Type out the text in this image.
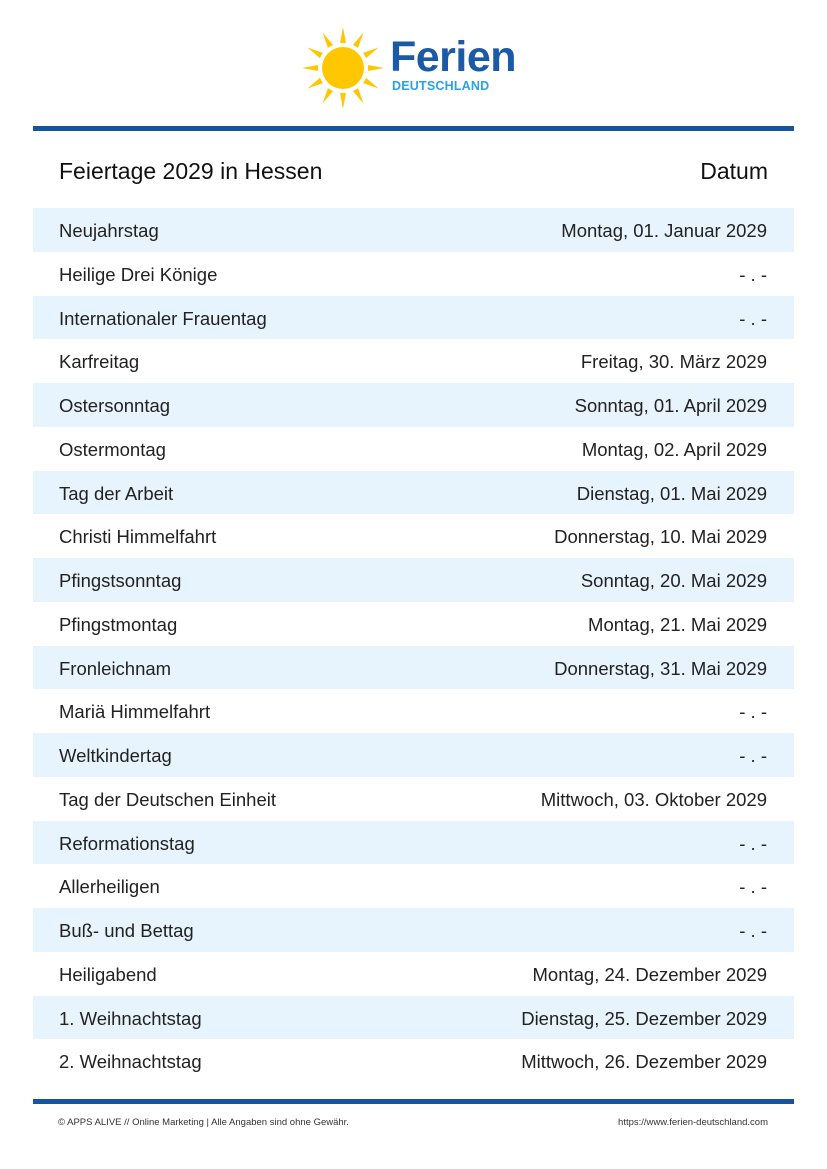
Ferien
DEUTSCHLAND
Feiertage 2029 in Hessen	Datum
Neujahrstag	Montag, 01. Januar 2029
Heilige Drei Könige	- . -
Internationaler Frauentag	- . -
Karfreitag	Freitag, 30. März 2029
Ostersonntag	Sonntag, 01. April 2029
Ostermontag	Montag, 02. April 2029
Tag der Arbeit	Dienstag, 01. Mai 2029
Christi Himmelfahrt	Donnerstag, 10. Mai 2029
Pfingstsonntag	Sonntag, 20. Mai 2029
Pfingstmontag	Montag, 21. Mai 2029
Fronleichnam	Donnerstag, 31. Mai 2029
Mariä Himmelfahrt	- . -
Weltkindertag	- . -
Tag der Deutschen Einheit	Mittwoch, 03. Oktober 2029
Reformationstag	- . -
Allerheiligen	- . -
Buß- und Bettag	- . -
Heiligabend	Montag, 24. Dezember 2029
1. Weihnachtstag	Dienstag, 25. Dezember 2029
2. Weihnachtstag	Mittwoch, 26. Dezember 2029
© APPS ALIVE // Online Marketing | Alle Angaben sind ohne Gewähr.	https://www.ferien-deutschland.com
